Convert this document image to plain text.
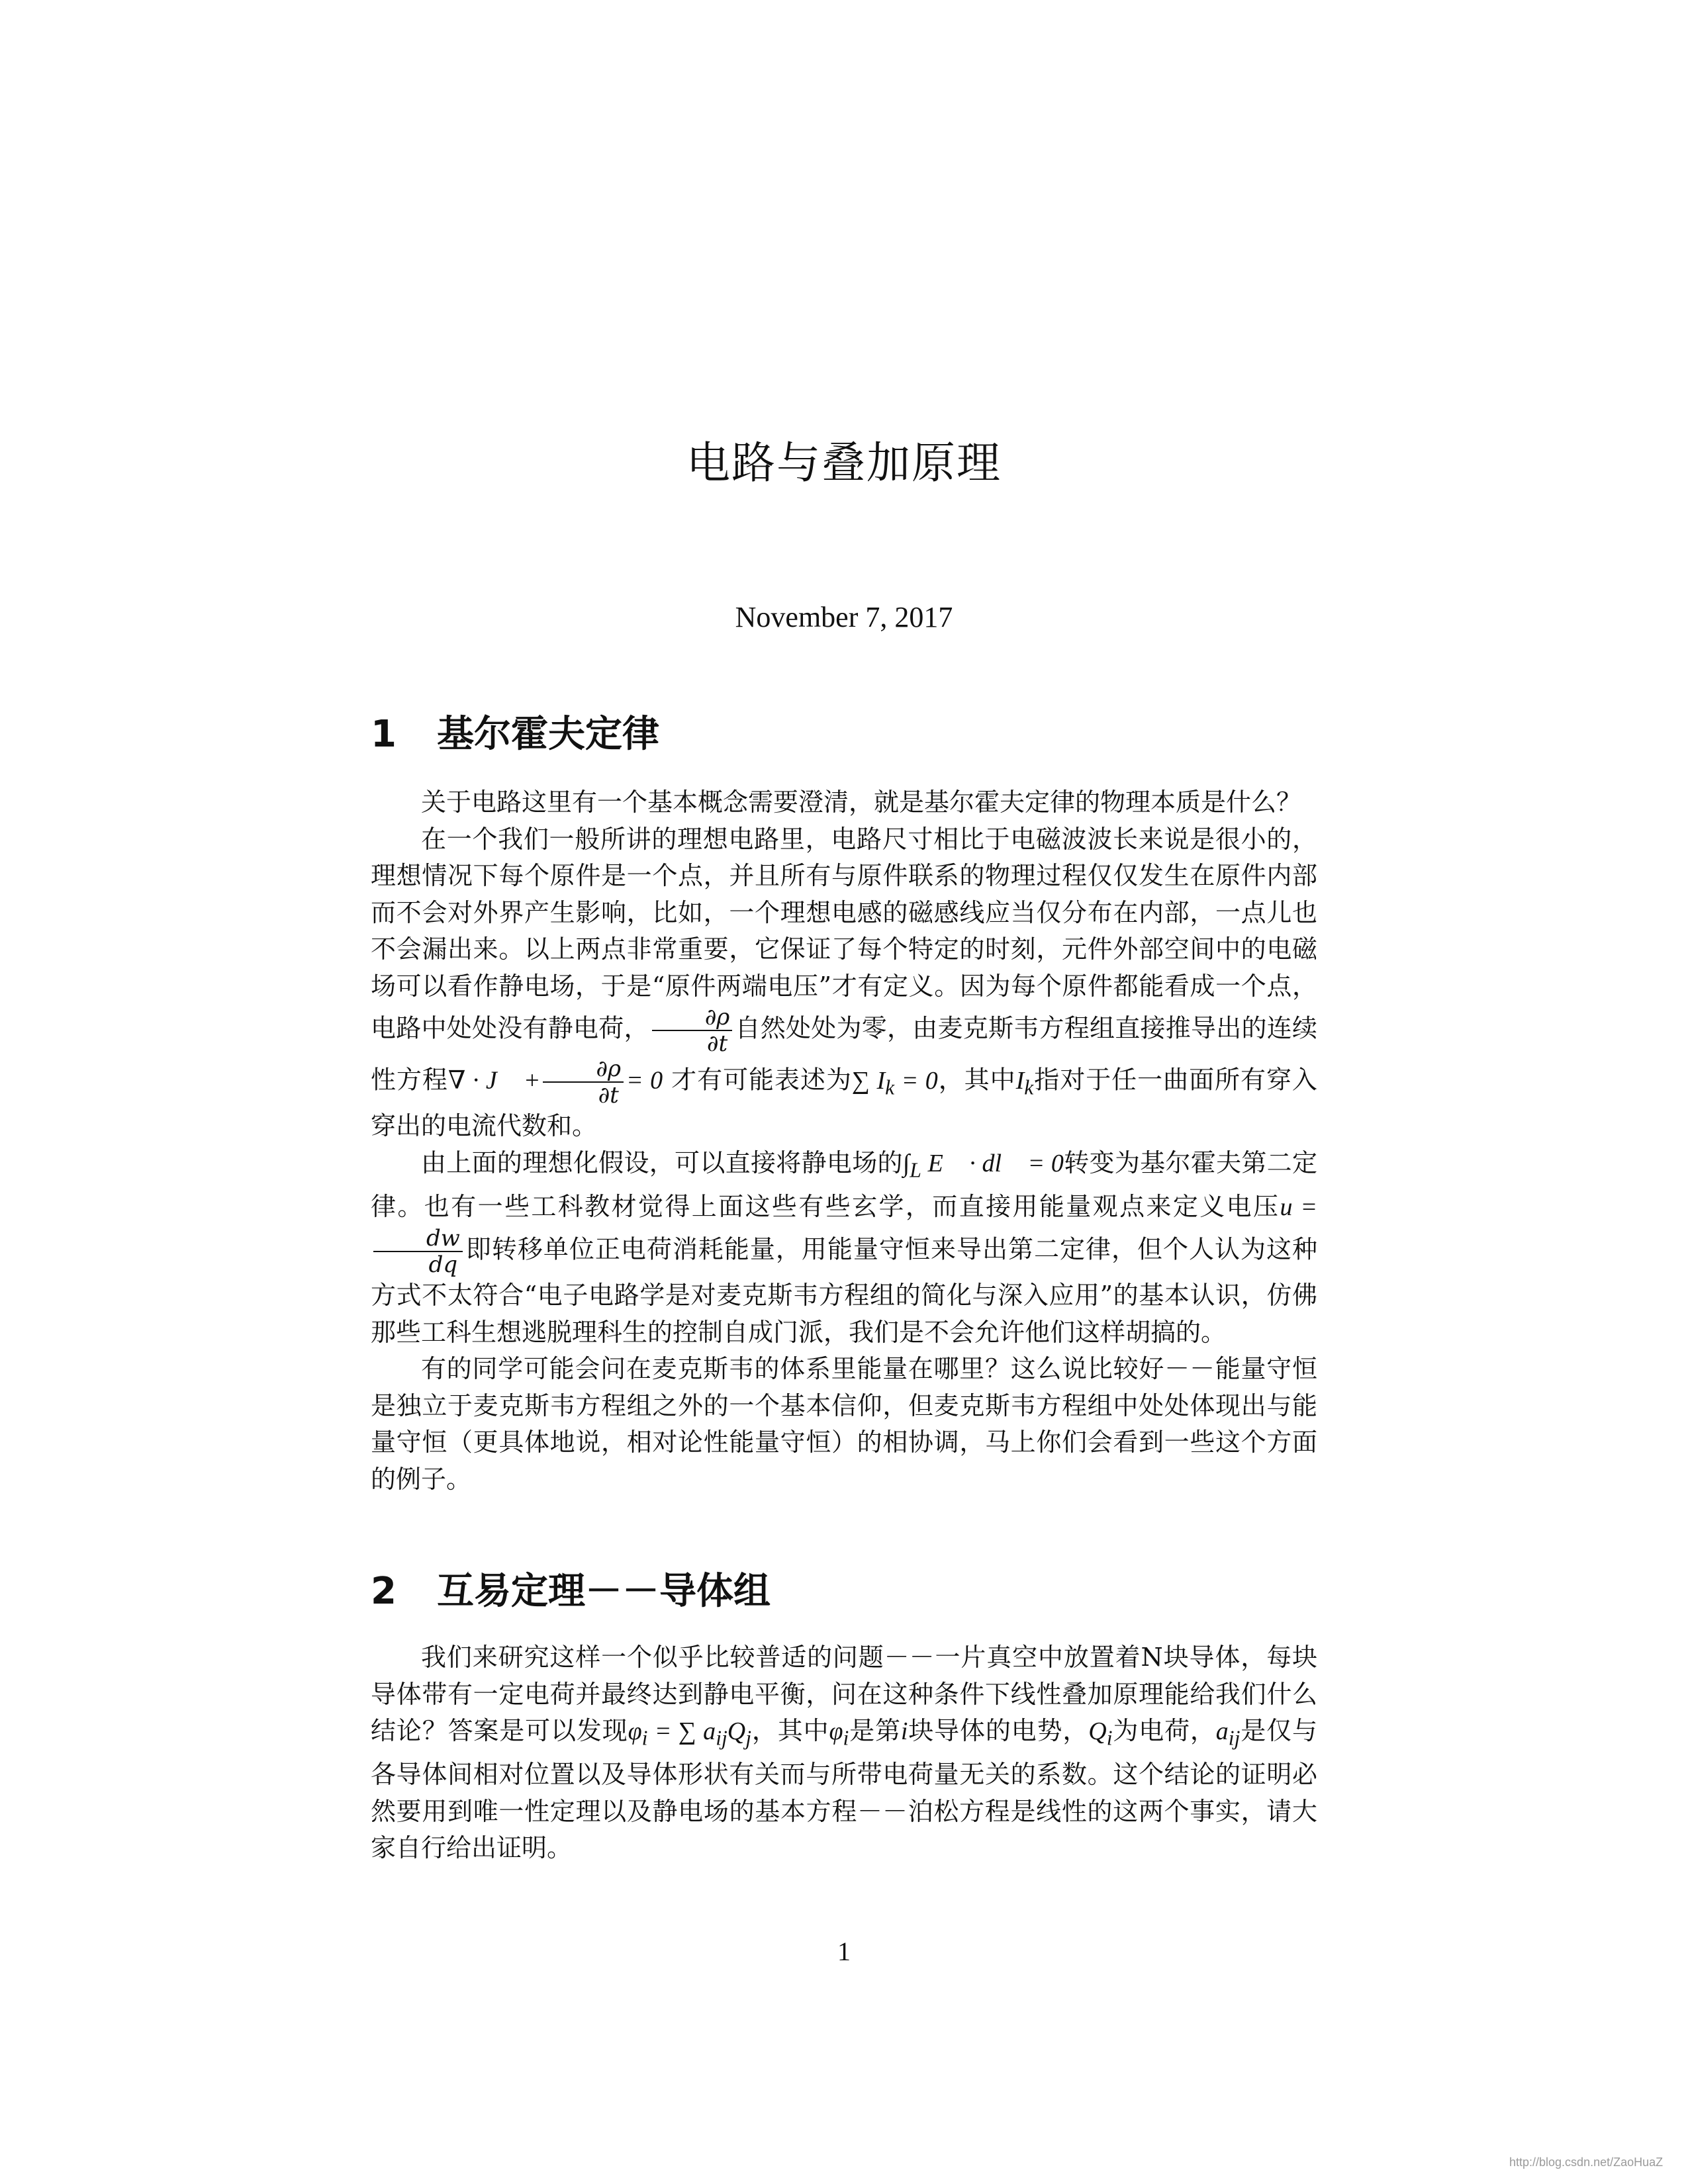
电路与叠加原理
November 7, 2017
1 基尔霍夫定律

关于电路这里有一个基本概念需要澄清，就是基尔霍夫定律的物理本质是什么？

在一个我们一般所讲的理想电路里，电路尺寸相比于电磁波波长来说是很小的，理想情况下每个原件是一个点，并且所有与原件联系的物理过程仅仅发生在原件内部而不会对外界产生影响，比如，一个理想电感的磁感线应当仅分布在内部，一点儿也不会漏出来。以上两点非常重要，它保证了每个特定的时刻，元件外部空间中的电磁场可以看作静电场，于是“原件两端电压”才有定义。因为每个原件都能看成一个点，电路中处处没有静电荷， $\frac{\partial\rho}{\partial t}$ 自然处处为零，由麦克斯韦方程组直接推导出的连续性方程∇ · J⃗ + $\frac{\partial\rho}{\partial t} = 0$ 才有可能表述为∑ $I_k = 0$，其中$I_k$指对于任一曲面所有穿入穿出的电流代数和。

由上面的理想化假设，可以直接将静电场的$\int_L$ E⃗ · dl⃗ = 0转变为基尔霍夫第二定律。也有一些工科教材觉得上面这些有些玄学，而直接用能量观点来定义电压u =
$\frac{dw}{dq}$ 即转移单位正电荷消耗能量，用能量守恒来导出第二定律，但个人认为这种方式不太符合“电子电路学是对麦克斯韦方程组的简化与深入应用”的基本认识，仿佛那些工科生想逃脱理科生的控制自成门派，我们是不会允许他们这样胡搞的。

有的同学可能会问在麦克斯韦的体系里能量在哪里？这么说比较好－－能量守恒是独立于麦克斯韦方程组之外的一个基本信仰，但麦克斯韦方程组中处处体现出与能量守恒（更具体地说，相对论性能量守恒）的相协调，马上你们会看到一些这个方面的例子。

2 互易定理－－导体组

我们来研究这样一个似乎比较普适的问题－－一片真空中放置着N块导体，每块导体带有一定电荷并最终达到静电平衡，问在这种条件下线性叠加原理能给我们什么结论？答案是可以发现$\varphi_i$ = ∑ $a_{ij}Q_j$，其中$\varphi_i$是第i块导体的电势，$Q_i$为电荷，$a_{ij}$是仅与各导体间相对位置以及导体形状有关而与所带电荷量无关的系数。这个结论的证明必然要用到唯一性定理以及静电场的基本方程－－泊松方程是线性的这两个事实，请大家自行给出证明。

1
http://blog.csdn.net/ZaoHuaZ
